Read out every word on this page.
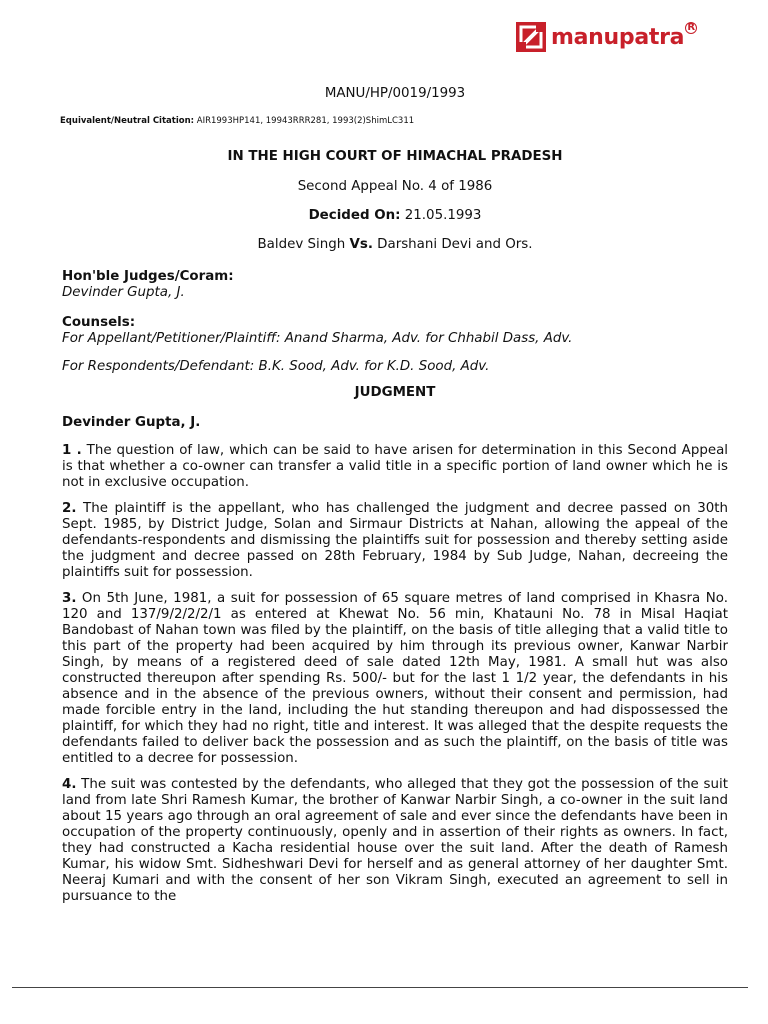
manupatra R
MANU/HP/0019/1993
Equivalent/Neutral Citation: AIR1993HP141, 19943RRR281, 1993(2)ShimLC311
IN THE HIGH COURT OF HIMACHAL PRADESH
Second Appeal No. 4 of 1986
Decided On: 21.05.1993
Baldev Singh Vs. Darshani Devi and Ors.
Hon'ble Judges/Coram:
Devinder Gupta, J.
Counsels:
For Appellant/Petitioner/Plaintiff: Anand Sharma, Adv. for Chhabil Dass, Adv.
For Respondents/Defendant: B.K. Sood, Adv. for K.D. Sood, Adv.
JUDGMENT
Devinder Gupta, J.

1 . The question of law, which can be said to have arisen for determination in this Second Appeal is that whether a co-owner can transfer a valid title in a specific portion of land owner which he is not in exclusive occupation.

2. The plaintiff is the appellant, who has challenged the judgment and decree passed on 30th Sept. 1985, by District Judge, Solan and Sirmaur Districts at Nahan, allowing the appeal of the defendants-respondents and dismissing the plaintiffs suit for possession and thereby setting aside the judgment and decree passed on 28th February, 1984 by Sub Judge, Nahan, decreeing the plaintiffs suit for possession.

3. On 5th June, 1981, a suit for possession of 65 square metres of land comprised in Khasra No. 120 and 137/9/2/2/2/1 as entered at Khewat No. 56 min, Khatauni No. 78 in Misal Haqiat Bandobast of Nahan town was filed by the plaintiff, on the basis of title alleging that a valid title to this part of the property had been acquired by him through its previous owner, Kanwar Narbir Singh, by means of a registered deed of sale dated 12th May, 1981. A small hut was also constructed thereupon after spending Rs. 500/- but for the last 1 1/2 year, the defendants in his absence and in the absence of the previous owners, without their consent and permission, had made forcible entry in the land, including the hut standing thereupon and had dispossessed the plaintiff, for which they had no right, title and interest. It was alleged that the despite requests the defendants failed to deliver back the possession and as such the plaintiff, on the basis of title was entitled to a decree for possession.

4. The suit was contested by the defendants, who alleged that they got the possession of the suit land from late Shri Ramesh Kumar, the brother of Kanwar Narbir Singh, a co-owner in the suit land about 15 years ago through an oral agreement of sale and ever since the defendants have been in occupation of the property continuously, openly and in assertion of their rights as owners. In fact, they had constructed a Kacha residential house over the suit land. After the death of Ramesh Kumar, his widow Smt. Sidheshwari Devi for herself and as general attorney of her daughter Smt. Neeraj Kumari and with the consent of her son Vikram Singh, executed an agreement to sell in pursuance to the
